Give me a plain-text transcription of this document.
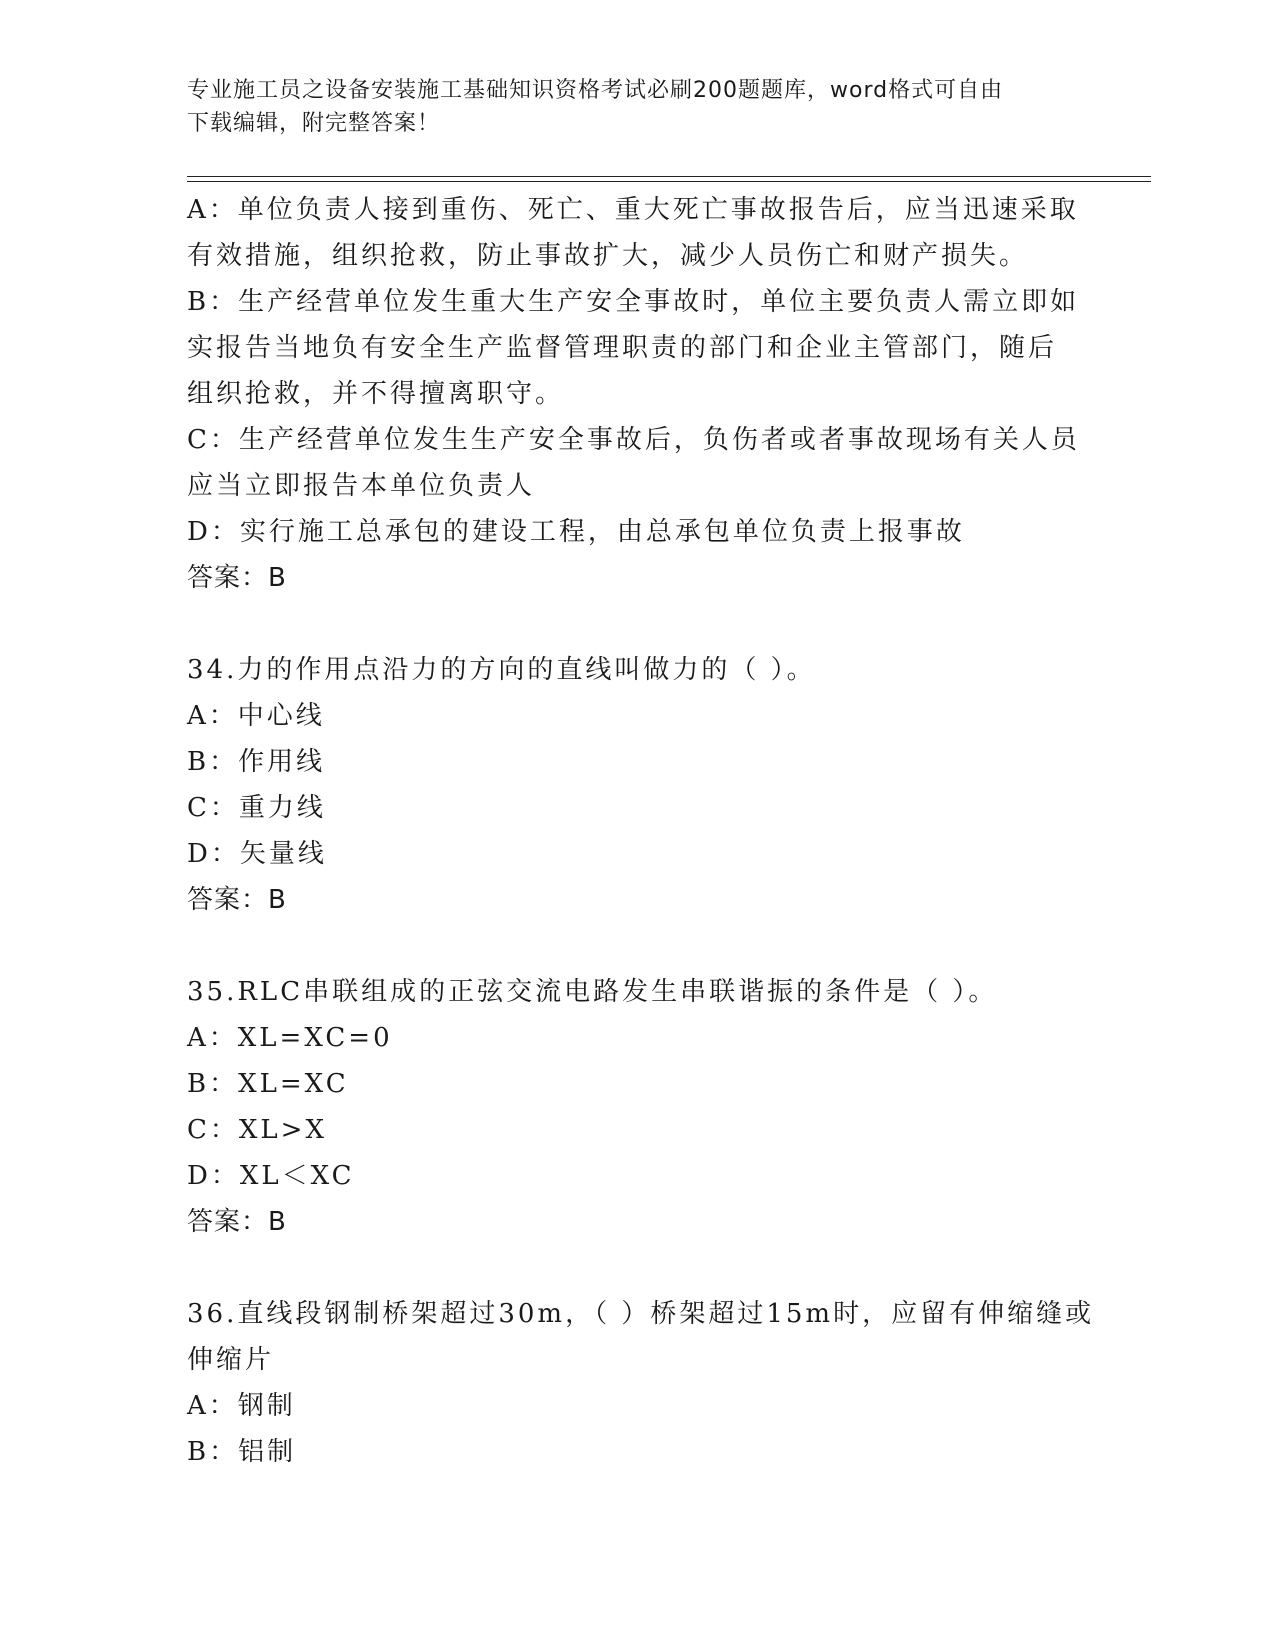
专业施工员之设备安装施工基础知识资格考试必刷200题题库，word格式可自由
下载编辑，附完整答案！
A：单位负责人接到重伤、死亡、重大死亡事故报告后，应当迅速采取
有效措施，组织抢救，防止事故扩大，减少人员伤亡和财产损失。
B：生产经营单位发生重大生产安全事故时，单位主要负责人需立即如
实报告当地负有安全生产监督管理职责的部门和企业主管部门，随后
组织抢救，并不得擅离职守。
C：生产经营单位发生生产安全事故后，负伤者或者事故现场有关人员
应当立即报告本单位负责人
D：实行施工总承包的建设工程，由总承包单位负责上报事故
答案：B
34.力的作用点沿力的方向的直线叫做力的（ ）。
A：中心线
B：作用线
C：重力线
D：矢量线
答案：B
35.RLC串联组成的正弦交流电路发生串联谐振的条件是（ ）。
A：XL=XC=0
B：XL=XC
C：XL>X
D：XL＜XC
答案：B
36.直线段钢制桥架超过30m，（ ）桥架超过15m时，应留有伸缩缝或
伸缩片
A：钢制
B：铝制
